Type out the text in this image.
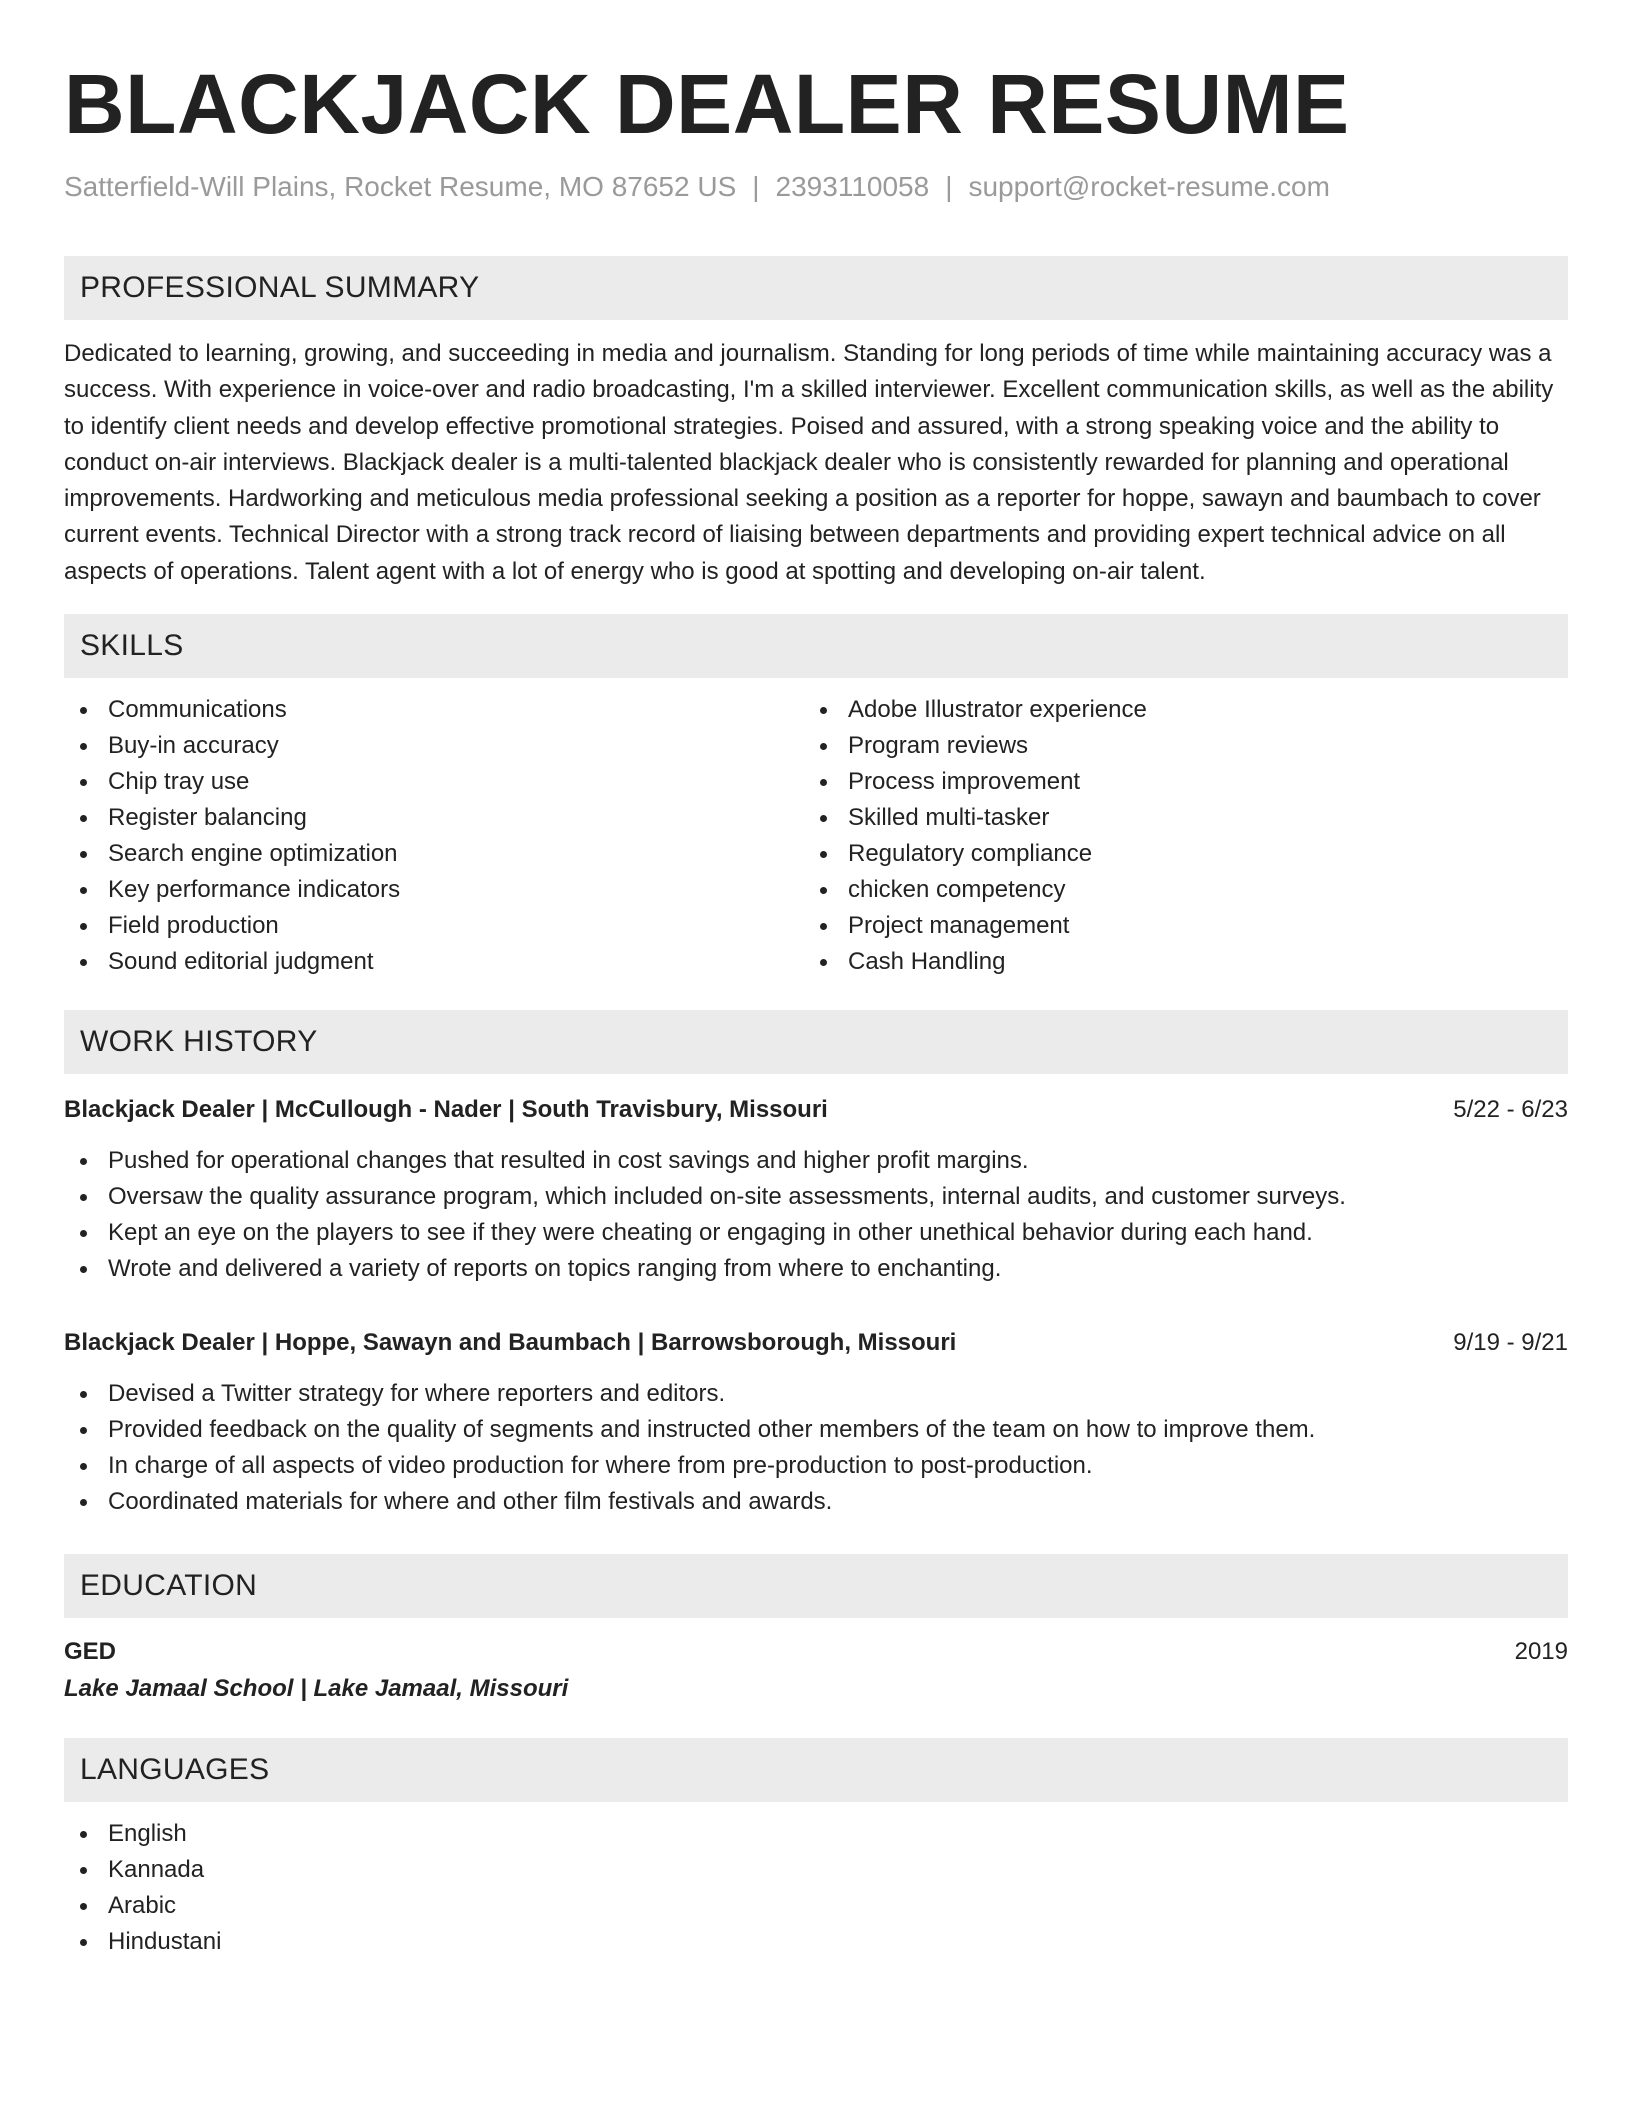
BLACKJACK DEALER RESUME
Satterfield-Will Plains, Rocket Resume, MO 87652 US | 2393110058 | support@rocket-resume.com
PROFESSIONAL SUMMARY

Dedicated to learning, growing, and succeeding in media and journalism. Standing for long periods of time while maintaining accuracy was a success. With experience in voice-over and radio broadcasting, I'm a skilled interviewer. Excellent communication skills, as well as the ability to identify client needs and develop effective promotional strategies. Poised and assured, with a strong speaking voice and the ability to conduct on-air interviews. Blackjack dealer is a multi-talented blackjack dealer who is consistently rewarded for planning and operational improvements. Hardworking and meticulous media professional seeking a position as a reporter for hoppe, sawayn and baumbach to cover current events. Technical Director with a strong track record of liaising between departments and providing expert technical advice on all aspects of operations. Talent agent with a lot of energy who is good at spotting and developing on-air talent.

SKILLS
Communications
Buy-in accuracy
Chip tray use
Register balancing
Search engine optimization
Key performance indicators
Field production
Sound editorial judgment
Adobe Illustrator experience
Program reviews
Process improvement
Skilled multi-tasker
Regulatory compliance
chicken competency
Project management
Cash Handling
WORK HISTORY
Blackjack Dealer | McCullough - Nader | South Travisbury, Missouri	5/22 - 6/23
Pushed for operational changes that resulted in cost savings and higher profit margins.
Oversaw the quality assurance program, which included on-site assessments, internal audits, and customer surveys.
Kept an eye on the players to see if they were cheating or engaging in other unethical behavior during each hand.
Wrote and delivered a variety of reports on topics ranging from where to enchanting.
Blackjack Dealer | Hoppe, Sawayn and Baumbach | Barrowsborough, Missouri	9/19 - 9/21
Devised a Twitter strategy for where reporters and editors.
Provided feedback on the quality of segments and instructed other members of the team on how to improve them.
In charge of all aspects of video production for where from pre-production to post-production.
Coordinated materials for where and other film festivals and awards.
EDUCATION
GED	2019
Lake Jamaal School | Lake Jamaal, Missouri
LANGUAGES
English
Kannada
Arabic
Hindustani
